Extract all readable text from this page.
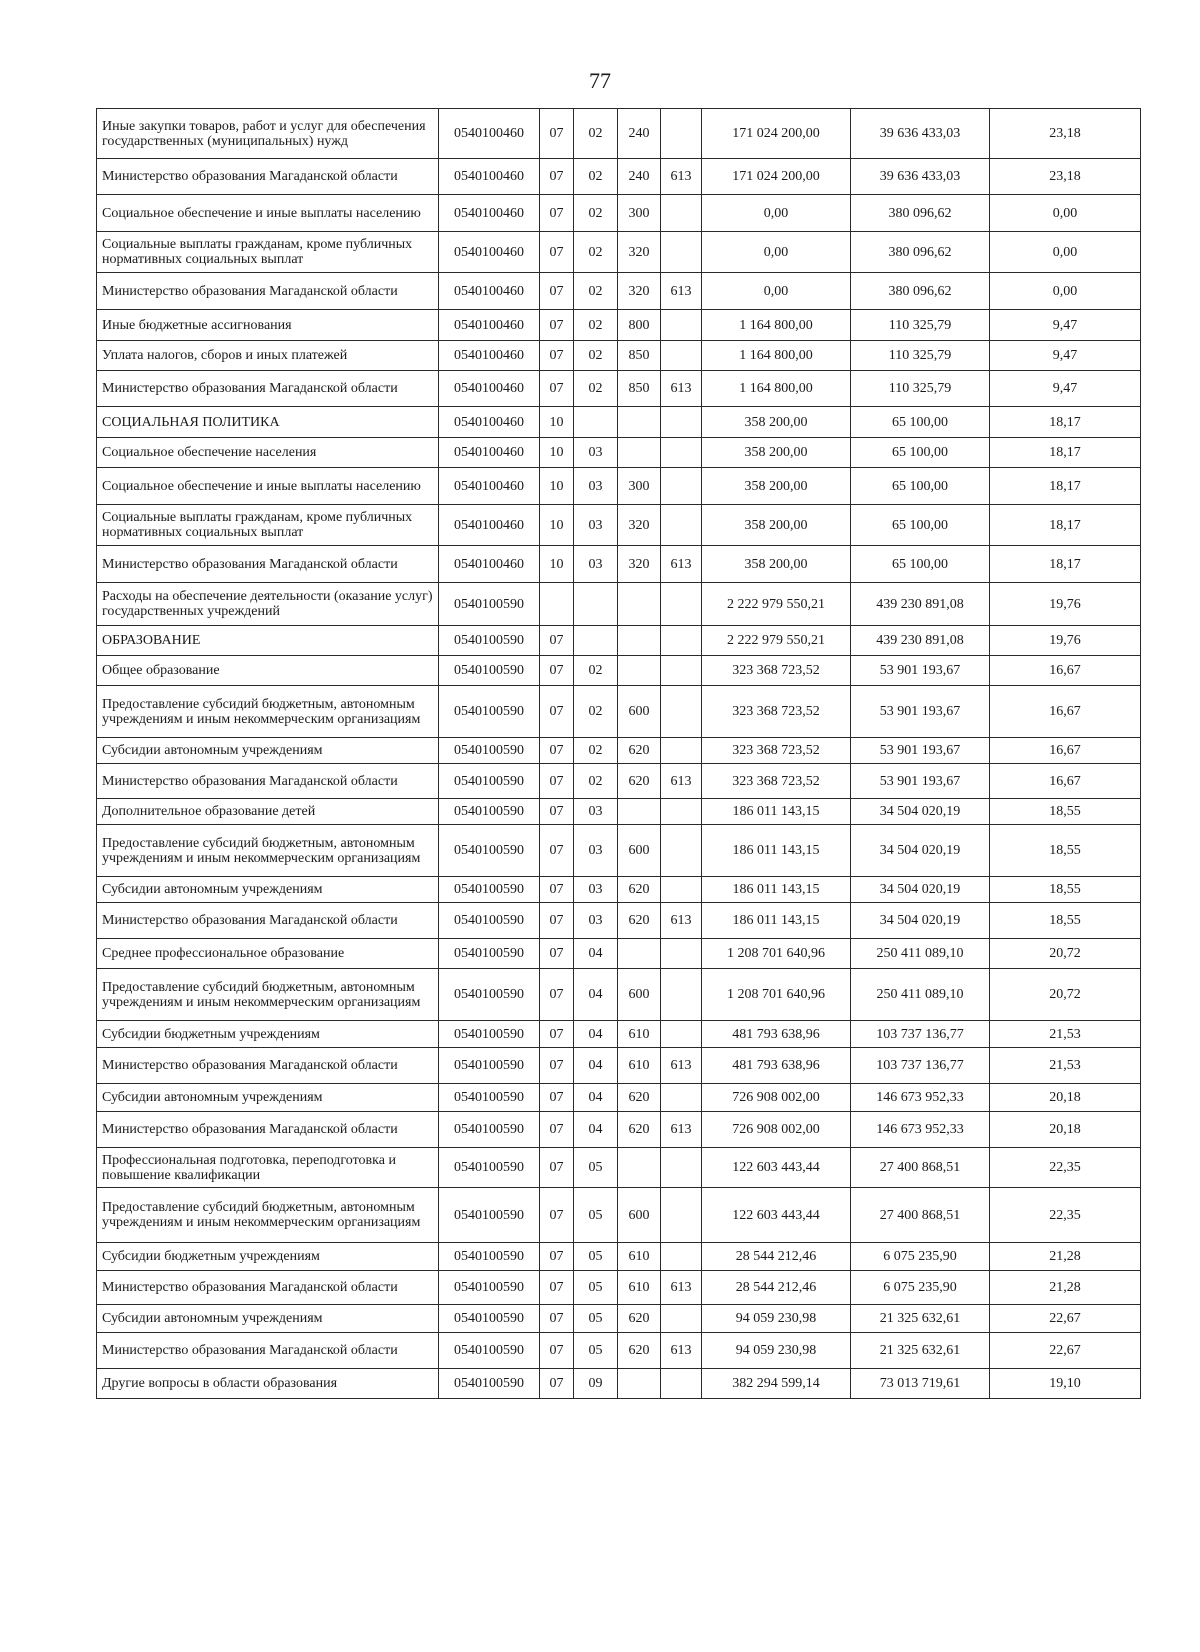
77
Иные закупки товаров, работ и услуг для обеспечения государственных (муниципальных) нужд	0540100460	07	02	240		171 024 200,00	39 636 433,03	23,18
Министерство образования Магаданской области	0540100460	07	02	240	613	171 024 200,00	39 636 433,03	23,18
Социальное обеспечение и иные выплаты населению	0540100460	07	02	300		0,00	380 096,62	0,00
Социальные выплаты гражданам, кроме публичных нормативных социальных выплат	0540100460	07	02	320		0,00	380 096,62	0,00
Министерство образования Магаданской области	0540100460	07	02	320	613	0,00	380 096,62	0,00
Иные бюджетные ассигнования	0540100460	07	02	800		1 164 800,00	110 325,79	9,47
Уплата налогов, сборов и иных платежей	0540100460	07	02	850		1 164 800,00	110 325,79	9,47
Министерство образования Магаданской области	0540100460	07	02	850	613	1 164 800,00	110 325,79	9,47
СОЦИАЛЬНАЯ ПОЛИТИКА	0540100460	10				358 200,00	65 100,00	18,17
Социальное обеспечение населения	0540100460	10	03			358 200,00	65 100,00	18,17
Социальное обеспечение и иные выплаты населению	0540100460	10	03	300		358 200,00	65 100,00	18,17
Социальные выплаты гражданам, кроме публичных нормативных социальных выплат	0540100460	10	03	320		358 200,00	65 100,00	18,17
Министерство образования Магаданской области	0540100460	10	03	320	613	358 200,00	65 100,00	18,17
Расходы на обеспечение деятельности (оказание услуг) государственных учреждений	0540100590					2 222 979 550,21	439 230 891,08	19,76
ОБРАЗОВАНИЕ	0540100590	07				2 222 979 550,21	439 230 891,08	19,76
Общее образование	0540100590	07	02			323 368 723,52	53 901 193,67	16,67
Предоставление субсидий бюджетным, автономным учреждениям и иным некоммерческим организациям	0540100590	07	02	600		323 368 723,52	53 901 193,67	16,67
Субсидии автономным учреждениям	0540100590	07	02	620		323 368 723,52	53 901 193,67	16,67
Министерство образования Магаданской области	0540100590	07	02	620	613	323 368 723,52	53 901 193,67	16,67
Дополнительное образование детей	0540100590	07	03			186 011 143,15	34 504 020,19	18,55
Предоставление субсидий бюджетным, автономным учреждениям и иным некоммерческим организациям	0540100590	07	03	600		186 011 143,15	34 504 020,19	18,55
Субсидии автономным учреждениям	0540100590	07	03	620		186 011 143,15	34 504 020,19	18,55
Министерство образования Магаданской области	0540100590	07	03	620	613	186 011 143,15	34 504 020,19	18,55
Среднее профессиональное образование	0540100590	07	04			1 208 701 640,96	250 411 089,10	20,72
Предоставление субсидий бюджетным, автономным учреждениям и иным некоммерческим организациям	0540100590	07	04	600		1 208 701 640,96	250 411 089,10	20,72
Субсидии бюджетным учреждениям	0540100590	07	04	610		481 793 638,96	103 737 136,77	21,53
Министерство образования Магаданской области	0540100590	07	04	610	613	481 793 638,96	103 737 136,77	21,53
Субсидии автономным учреждениям	0540100590	07	04	620		726 908 002,00	146 673 952,33	20,18
Министерство образования Магаданской области	0540100590	07	04	620	613	726 908 002,00	146 673 952,33	20,18
Профессиональная подготовка, переподготовка и повышение квалификации	0540100590	07	05			122 603 443,44	27 400 868,51	22,35
Предоставление субсидий бюджетным, автономным учреждениям и иным некоммерческим организациям	0540100590	07	05	600		122 603 443,44	27 400 868,51	22,35
Субсидии бюджетным учреждениям	0540100590	07	05	610		28 544 212,46	6 075 235,90	21,28
Министерство образования Магаданской области	0540100590	07	05	610	613	28 544 212,46	6 075 235,90	21,28
Субсидии автономным учреждениям	0540100590	07	05	620		94 059 230,98	21 325 632,61	22,67
Министерство образования Магаданской области	0540100590	07	05	620	613	94 059 230,98	21 325 632,61	22,67
Другие вопросы в области образования	0540100590	07	09			382 294 599,14	73 013 719,61	19,10
